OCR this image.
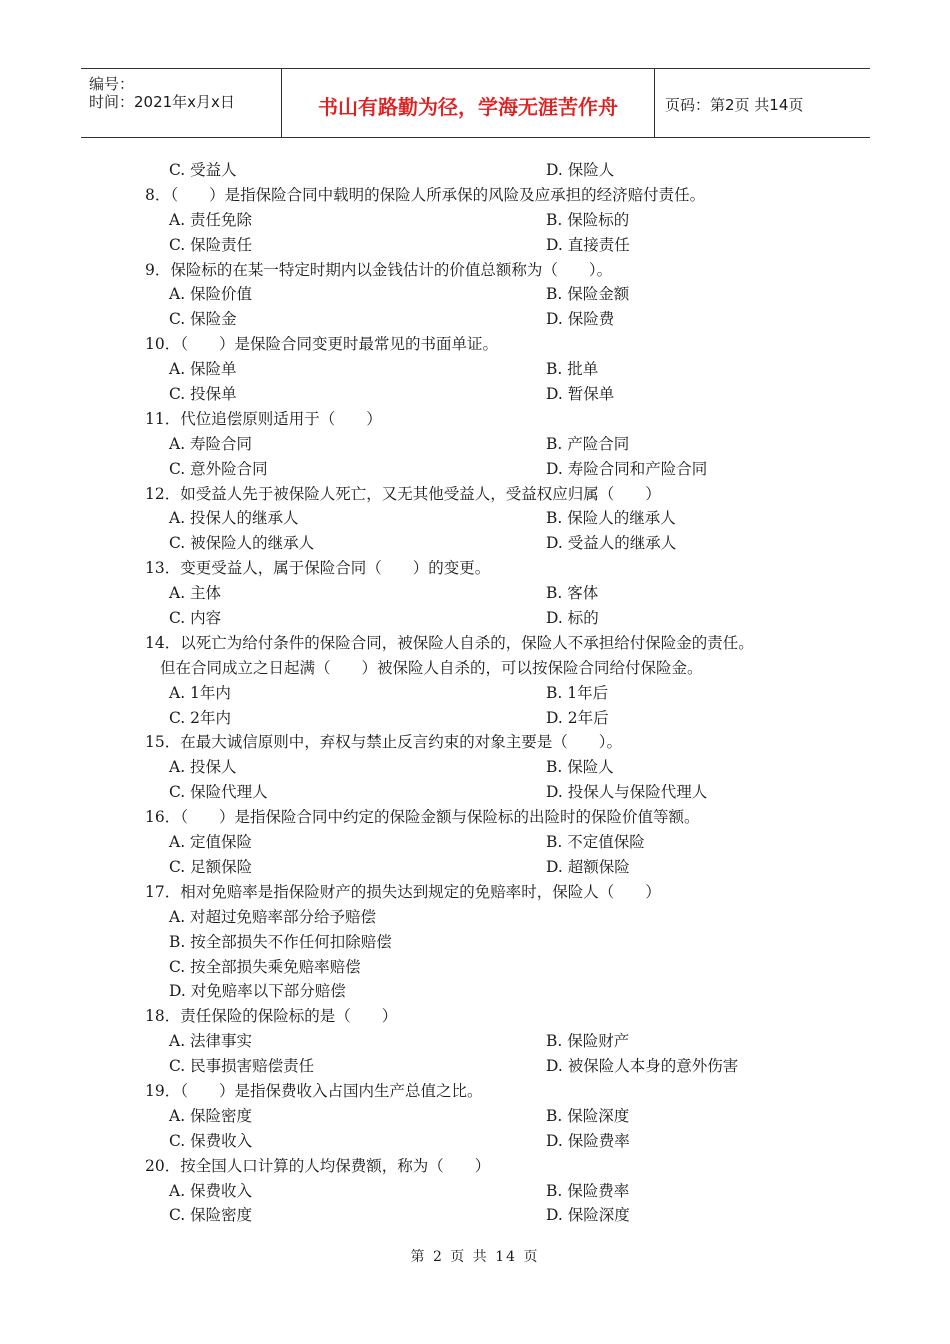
编号：
时间：2021年x月x日	书山有路勤为径，学海无涯苦作舟	页码：第2页 共14页
C. 受益人	D. 保险人
8．（　　）是指保险合同中载明的保险人所承保的风险及应承担的经济赔付责任。
A. 责任免除	B. 保险标的
C. 保险责任	D. 直接责任
9．保险标的在某一特定时期内以金钱估计的价值总额称为（　　）。
A. 保险价值	B. 保险金额
C. 保险金	D. 保险费
10．（　　）是保险合同变更时最常见的书面单证。
A. 保险单	B. 批单
C. 投保单	D. 暂保单
11．代位追偿原则适用于（　　）
A. 寿险合同	B. 产险合同
C. 意外险合同	D. 寿险合同和产险合同
12．如受益人先于被保险人死亡，又无其他受益人，受益权应归属（　　）
A. 投保人的继承人	B. 保险人的继承人
C. 被保险人的继承人	D. 受益人的继承人
13．变更受益人，属于保险合同（　　）的变更。
A. 主体	B. 客体
C. 内容	D. 标的
14．以死亡为给付条件的保险合同，被保险人自杀的，保险人不承担给付保险金的责任。
但在合同成立之日起满（　　）被保险人自杀的，可以按保险合同给付保险金。
A. 1年内	B. 1年后
C. 2年内	D. 2年后
15．在最大诚信原则中，弃权与禁止反言约束的对象主要是（　　）。
A. 投保人	B. 保险人
C. 保险代理人	D. 投保人与保险代理人
16．（　　）是指保险合同中约定的保险金额与保险标的出险时的保险价值等额。
A. 定值保险	B. 不定值保险
C. 足额保险	D. 超额保险
17．相对免赔率是指保险财产的损失达到规定的免赔率时，保险人（　　）
A. 对超过免赔率部分给予赔偿
B. 按全部损失不作任何扣除赔偿
C. 按全部损失乘免赔率赔偿
D. 对免赔率以下部分赔偿
18．责任保险的保险标的是（　　）
A. 法律事实	B. 保险财产
C. 民事损害赔偿责任	D. 被保险人本身的意外伤害
19．（　　）是指保费收入占国内生产总值之比。
A. 保险密度	B. 保险深度
C. 保费收入	D. 保险费率
20．按全国人口计算的人均保费额，称为（　　）
A. 保费收入	B. 保险费率
C. 保险密度	D. 保险深度
第 2 页 共 14 页
